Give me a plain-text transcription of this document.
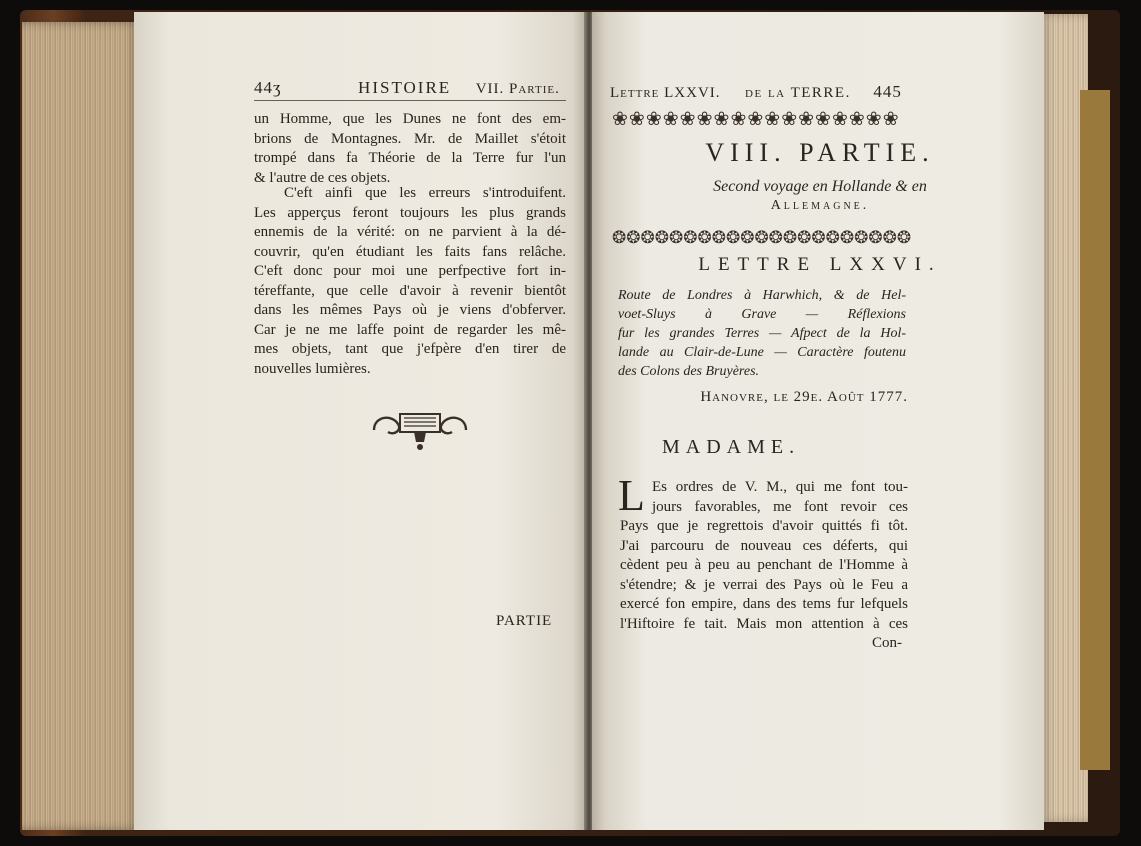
44ʒ	HISTOIRE VII. Partie.
un Homme, que les Dunes ne font des em-
brions de Montagnes. Mr. de Maillet s'étoit
trompé dans fa Théorie de la Terre fur l'un
& l'autre de ces objets.
C'eft ainfi que les erreurs s'introduifent.
Les apperçus feront toujours les plus grands
ennemis de la vérité: on ne parvient à la dé-
couvrir, qu'en étudiant les faits fans relâche.
C'eft donc pour moi une perfpective fort in-
téreffante, que celle d'avoir à revenir bientôt
dans les mêmes Pays où je viens d'obferver.
Car je ne me laffe point de regarder les mê-
mes objets, tant que j'efpère d'en tirer de
nouvelles lumières.
PARTIE
Lettre LXXVI. de la TERRE. 445
❀❀❀❀❀❀❀❀❀❀❀❀❀❀❀❀❀
VIII. PARTIE.
Second voyage en Hollande & en
Allemagne.
❂❂❂❂❂❂❂❂❂❂❂❂❂❂❂❂❂❂❂❂❂
LETTRE LXXVI.
Route de Londres à Harwhich, & de Hel-
voet-Sluys à Grave — Réflexions
fur les grandes Terres — Afpect de la Hol-
lande au Clair-de-Lune — Caractère foutenu
des Colons des Bruyères.
Hanovre, le 29e. Août 1777.
MADAME.
L Es ordres de V. M., qui me font tou-
jours favorables, me font revoir ces
Pays que je regrettois d'avoir quittés fi tôt.
J'ai parcouru de nouveau ces déferts, qui
cèdent peu à peu au penchant de l'Homme à
s'étendre; & je verrai des Pays où le Feu a
exercé fon empire, dans des tems fur lefquels
l'Hiftoire fe tait. Mais mon attention à ces
Con-
